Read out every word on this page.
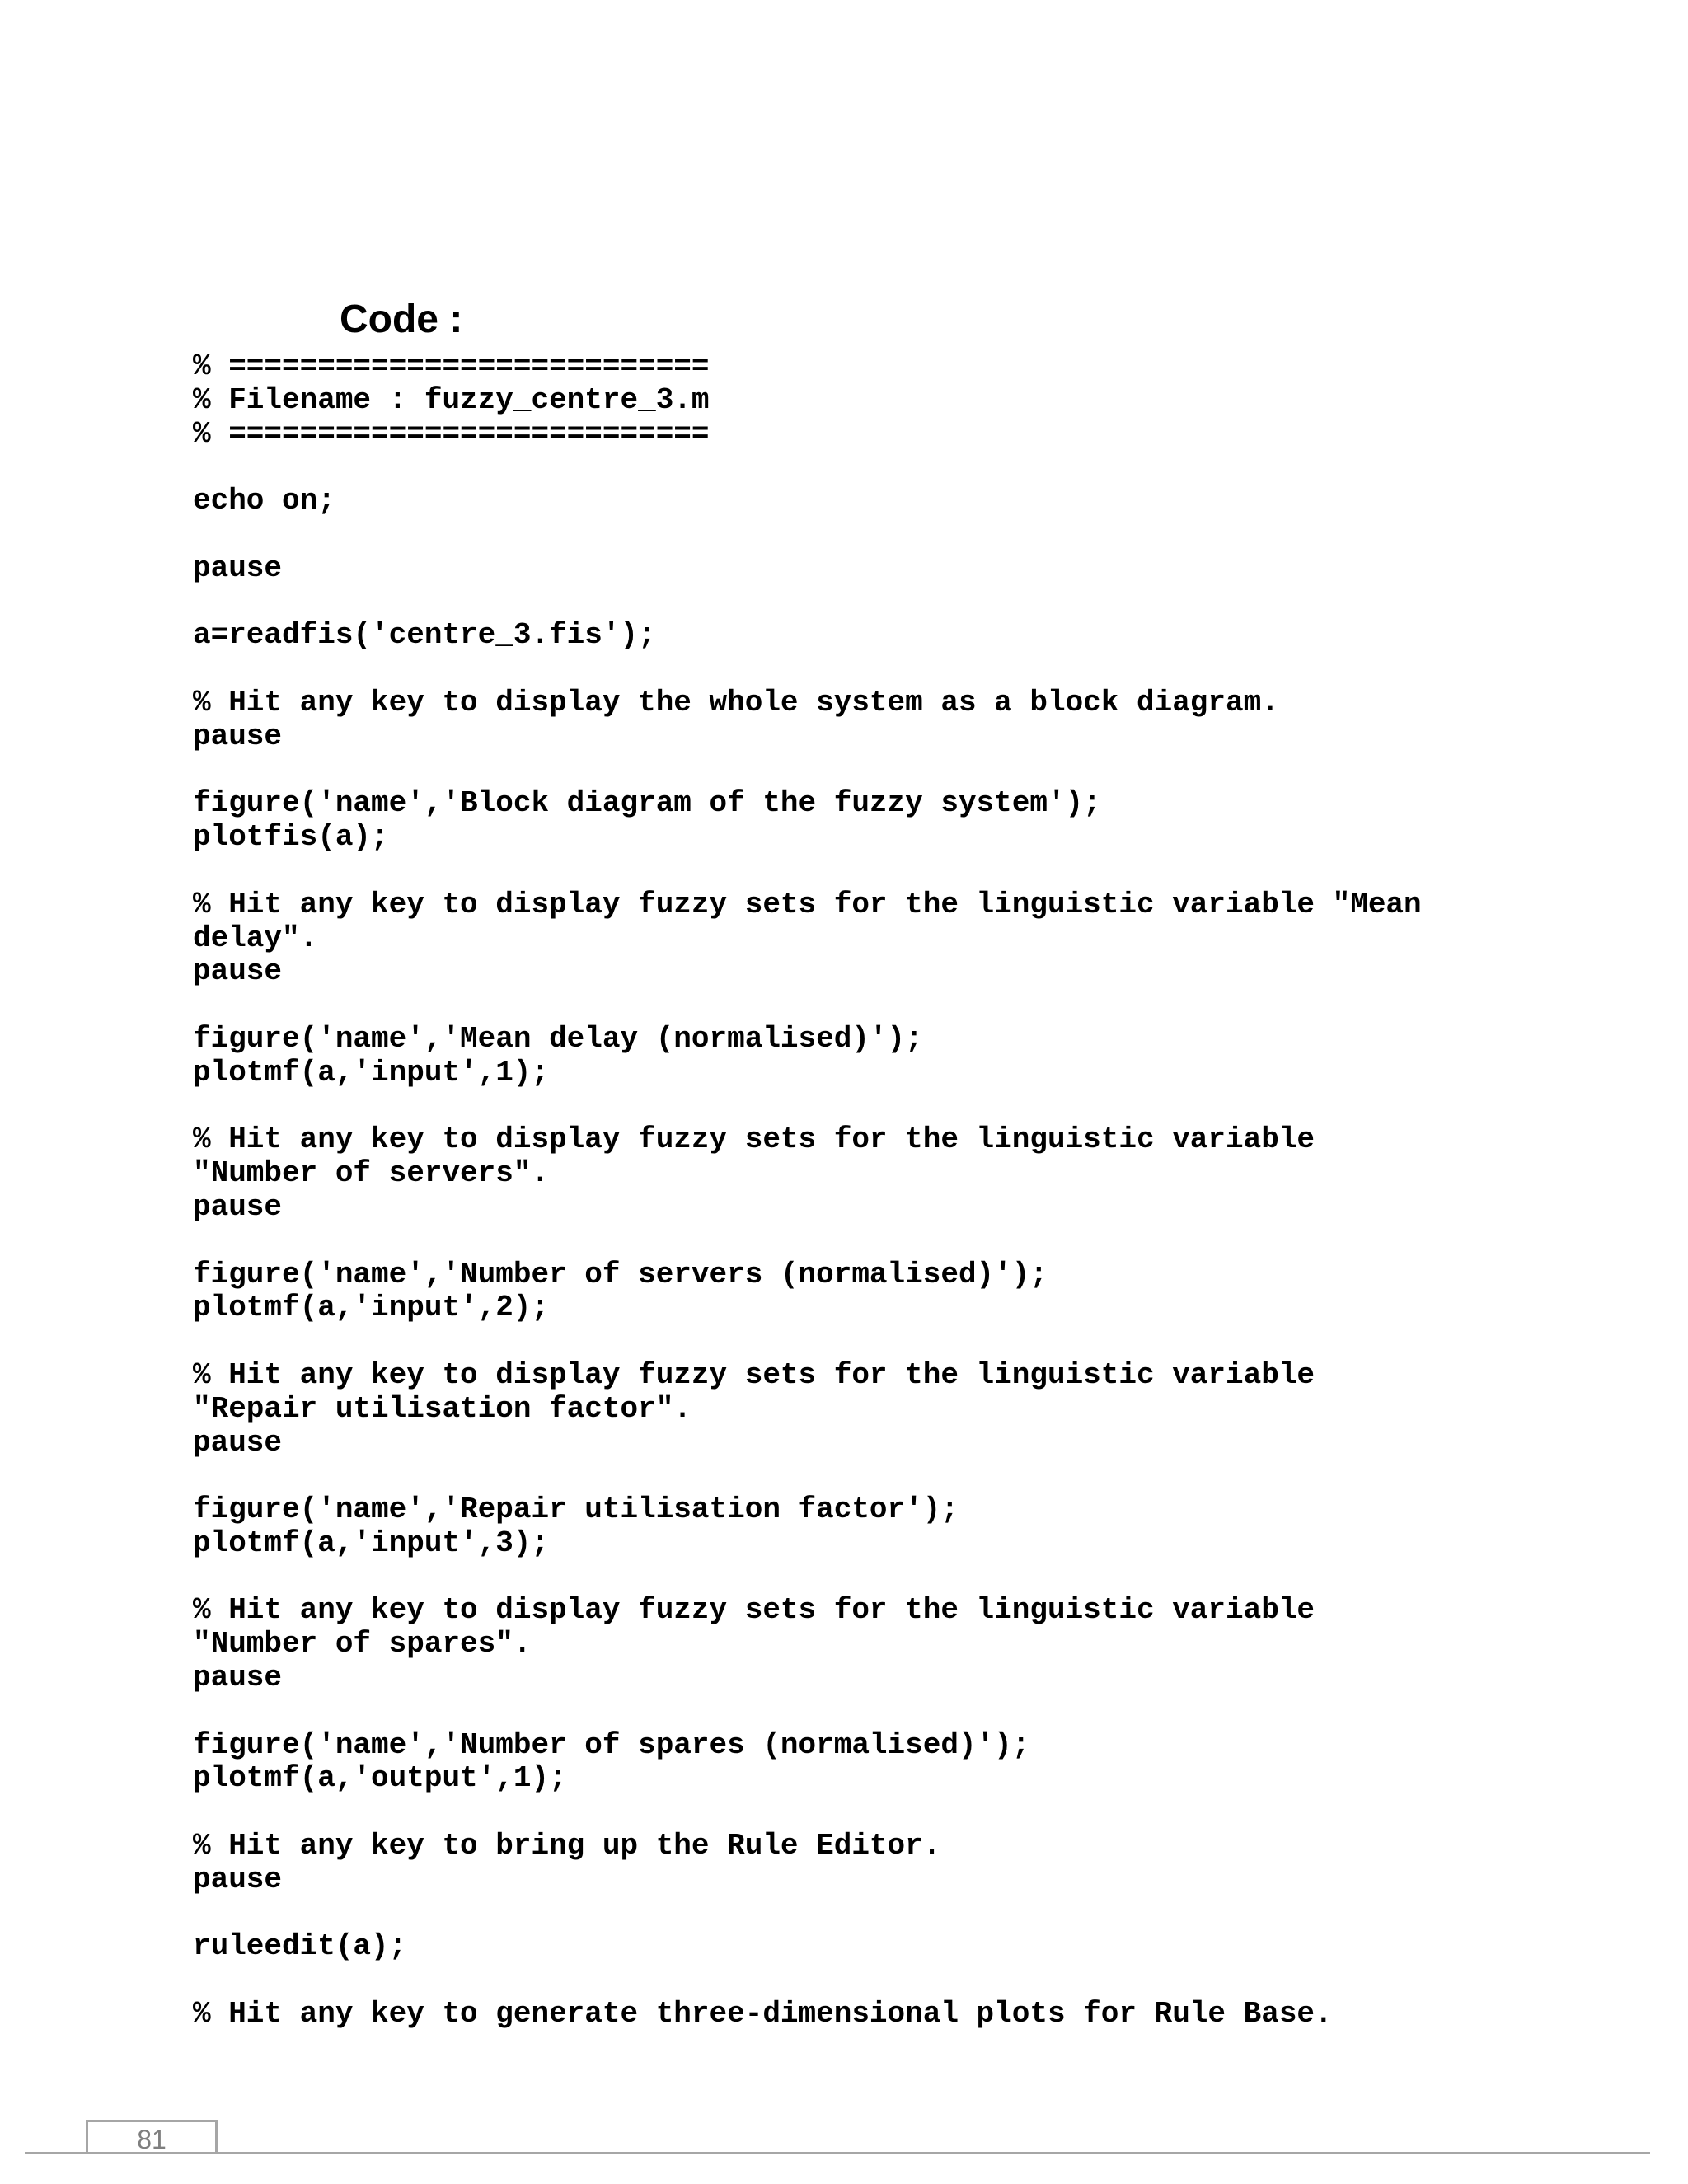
Code :
% ===========================
% Filename : fuzzy_centre_3.m
% ===========================
echo on;
pause
a=readfis('centre_3.fis');
% Hit any key to display the whole system as a block diagram.
pause
figure('name','Block diagram of the fuzzy system');
plotfis(a);
% Hit any key to display fuzzy sets for the linguistic variable "Mean
delay".
pause
figure('name','Mean delay (normalised)');
plotmf(a,'input',1);
% Hit any key to display fuzzy sets for the linguistic variable
"Number of servers".
pause
figure('name','Number of servers (normalised)');
plotmf(a,'input',2);
% Hit any key to display fuzzy sets for the linguistic variable
"Repair utilisation factor".
pause
figure('name','Repair utilisation factor');
plotmf(a,'input',3);
% Hit any key to display fuzzy sets for the linguistic variable
"Number of spares".
pause
figure('name','Number of spares (normalised)');
plotmf(a,'output',1);
% Hit any key to bring up the Rule Editor.
pause
ruleedit(a);
% Hit any key to generate three-dimensional plots for Rule Base.
81
